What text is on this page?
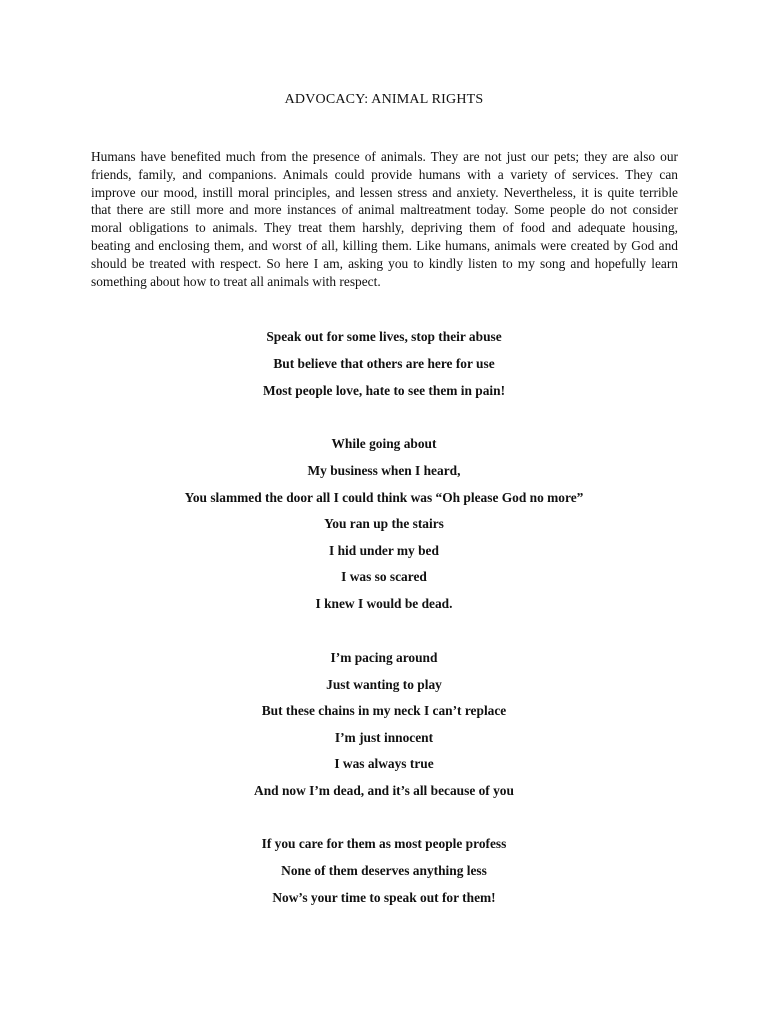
ADVOCACY: ANIMAL RIGHTS
Humans have benefited much from the presence of animals. They are not just our pets; they are also our
friends, family, and companions. Animals could provide humans with a variety of services. They can
improve our mood, instill moral principles, and lessen stress and anxiety. Nevertheless, it is quite terrible
that there are still more and more instances of animal maltreatment today. Some people do not consider
moral obligations to animals. They treat them harshly, depriving them of food and adequate housing,
beating and enclosing them, and worst of all, killing them. Like humans, animals were created by God and
should be treated with respect. So here I am, asking you to kindly listen to my song and hopefully learn
something about how to treat all animals with respect.
Speak out for some lives, stop their abuse
But believe that others are here for use
Most people love, hate to see them in pain!
While going about
My business when I heard,
You slammed the door all I could think was “Oh please God no more”
You ran up the stairs
I hid under my bed
I was so scared
I knew I would be dead.
I’m pacing around
Just wanting to play
But these chains in my neck I can’t replace
I’m just innocent
I was always true
And now I’m dead, and it’s all because of you
If you care for them as most people profess
None of them deserves anything less
Now’s your time to speak out for them!
